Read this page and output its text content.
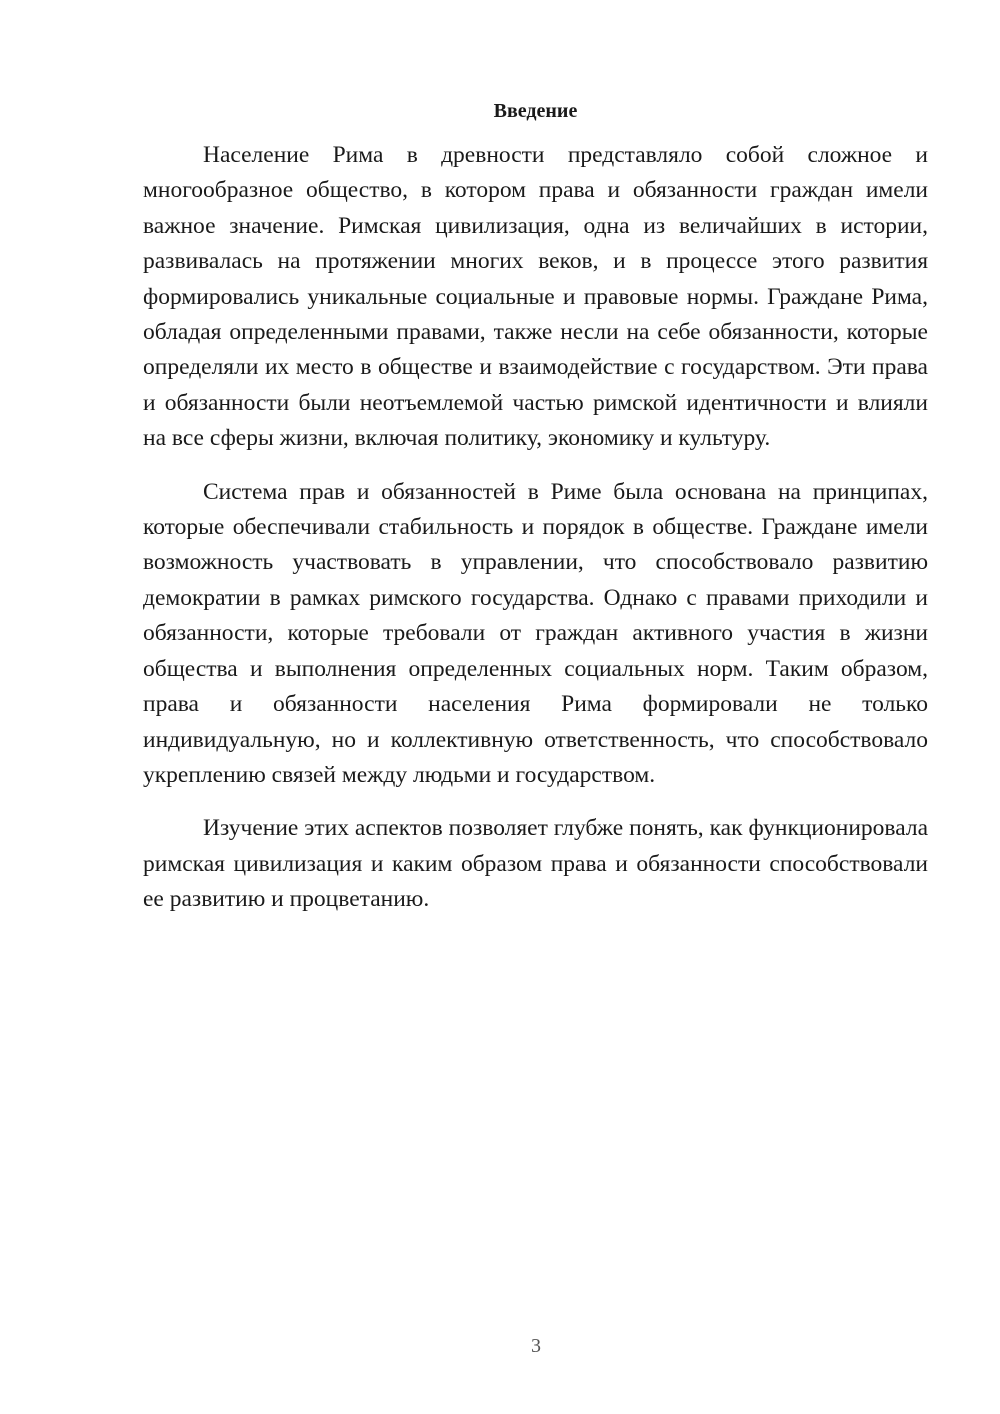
Введение

Население Рима в древности представляло собой сложное и многообразное общество, в котором права и обязанности граждан имели важное значение. Римская цивилизация, одна из величайших в истории, развивалась на протяжении многих веков, и в процессе этого развития формировались уникальные социальные и правовые нормы. Граждане Рима, обладая определенными правами, также несли на себе обязанности, которые определяли их место в обществе и взаимодействие с государством. Эти права и обязанности были неотъемлемой частью римской идентичности и влияли на все сферы жизни, включая политику, экономику и культуру.

Система прав и обязанностей в Риме была основана на принципах, которые обеспечивали стабильность и порядок в обществе. Граждане имели возможность участвовать в управлении, что способствовало развитию демократии в рамках римского государства. Однако с правами приходили и обязанности, которые требовали от граждан активного участия в жизни общества и выполнения определенных социальных норм. Таким образом, права и обязанности населения Рима формировали не только индивидуальную, но и коллективную ответственность, что способствовало укреплению связей между людьми и государством.

Изучение этих аспектов позволяет глубже понять, как функционировала римская цивилизация и каким образом права и обязанности способствовали ее развитию и процветанию.

3
